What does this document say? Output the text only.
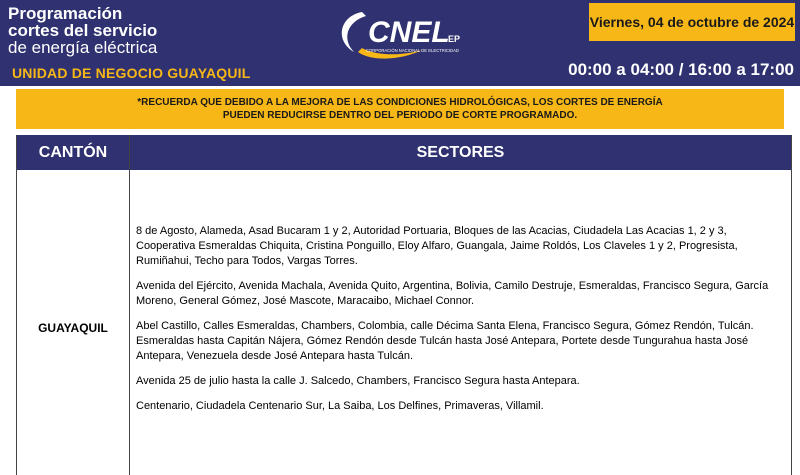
Programación
cortes del servicio
de energía eléctrica
UNIDAD DE NEGOCIO GUAYAQUIL
CNEL
EP
CORPORACIÓN NACIONAL DE ELECTRICIDAD
Viernes, 04 de octubre de 2024
00:00 a 04:00 / 16:00 a 17:00
*RECUERDA QUE DEBIDO A LA MEJORA DE LAS CONDICIONES HIDROLÓGICAS, LOS CORTES DE ENERGÍA
PUEDEN REDUCIRSE DENTRO DEL PERIODO DE CORTE PROGRAMADO.
CANTÓN	SECTORES
GUAYAQUIL

8 de Agosto, Alameda, Asad Bucaram 1 y 2, Autoridad Portuaria, Bloques de las Acacias, Ciudadela Las Acacias 1, 2 y 3, Cooperativa Esmeraldas Chiquita, Cristina Ponguillo, Eloy Alfaro, Guangala, Jaime Roldós, Los Claveles 1 y 2, Progresista, Rumiñahui, Techo para Todos, Vargas Torres.

Avenida del Ejército, Avenida Machala, Avenida Quito, Argentina, Bolivia, Camilo Destruje, Esmeraldas, Francisco Segura, García Moreno, General Gómez, José Mascote, Maracaibo, Michael Connor.

Abel Castillo, Calles Esmeraldas, Chambers, Colombia, calle Décima Santa Elena, Francisco Segura, Gómez Rendón, Tulcán. Esmeraldas hasta Capitán Nájera, Gómez Rendón desde Tulcán hasta José Antepara, Portete desde Tungurahua hasta José Antepara, Venezuela desde José Antepara hasta Tulcán.

Avenida 25 de julio hasta la calle J. Salcedo, Chambers, Francisco Segura hasta Antepara.

Centenario, Ciudadela Centenario Sur, La Saiba, Los Delfines, Primaveras, Villamil.
